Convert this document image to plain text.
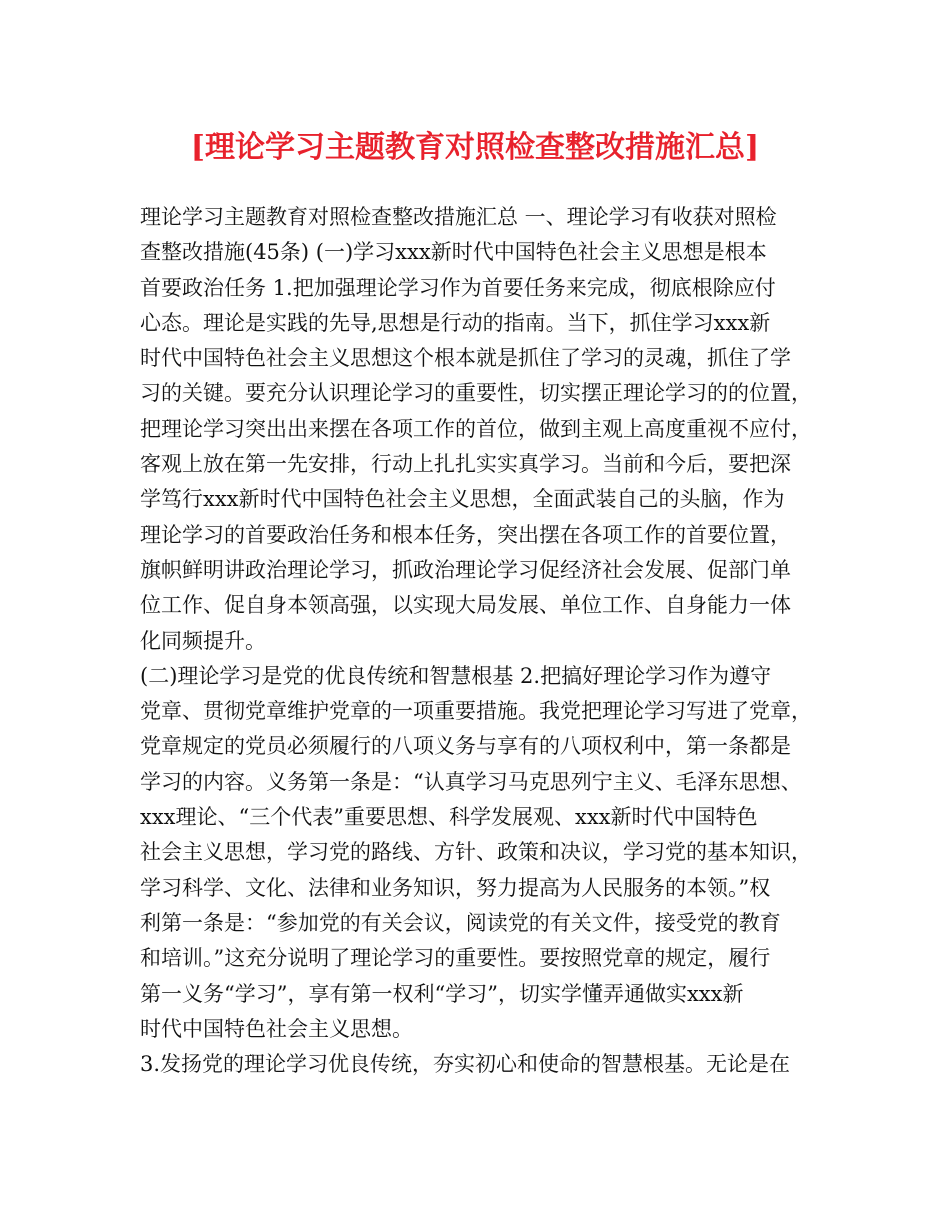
[理论学习主题教育对照检查整改措施汇总]
理论学习主题教育对照检查整改措施汇总 一、理论学习有收获对照检
查整改措施(45条) (一)学习xxx新时代中国特色社会主义思想是根本
首要政治任务 1.把加强理论学习作为首要任务来完成，彻底根除应付
心态。理论是实践的先导,思想是行动的指南。当下，抓住学习xxx新
时代中国特色社会主义思想这个根本就是抓住了学习的灵魂，抓住了学
习的关键。要充分认识理论学习的重要性，切实摆正理论学习的的位置，
把理论学习突出出来摆在各项工作的首位，做到主观上高度重视不应付，
客观上放在第一先安排，行动上扎扎实实真学习。当前和今后，要把深
学笃行xxx新时代中国特色社会主义思想，全面武装自己的头脑，作为
理论学习的首要政治任务和根本任务，突出摆在各项工作的首要位置，
旗帜鲜明讲政治理论学习，抓政治理论学习促经济社会发展、促部门单
位工作、促自身本领高强，以实现大局发展、单位工作、自身能力一体
化同频提升。
(二)理论学习是党的优良传统和智慧根基 2.把搞好理论学习作为遵守
党章、贯彻党章维护党章的一项重要措施。我党把理论学习写进了党章，
党章规定的党员必须履行的八项义务与享有的八项权利中，第一条都是
学习的内容。义务第一条是：“认真学习马克思列宁主义、毛泽东思想、
xxx理论、“三个代表”重要思想、科学发展观、xxx新时代中国特色
社会主义思想，学习党的路线、方针、政策和决议，学习党的基本知识，
学习科学、文化、法律和业务知识，努力提高为人民服务的本领。”权
利第一条是：“参加党的有关会议，阅读党的有关文件，接受党的教育
和培训。”这充分说明了理论学习的重要性。要按照党章的规定，履行
第一义务“学习”，享有第一权利“学习”，切实学懂弄通做实xxx新
时代中国特色社会主义思想。
3.发扬党的理论学习优良传统，夯实初心和使命的智慧根基。无论是在
